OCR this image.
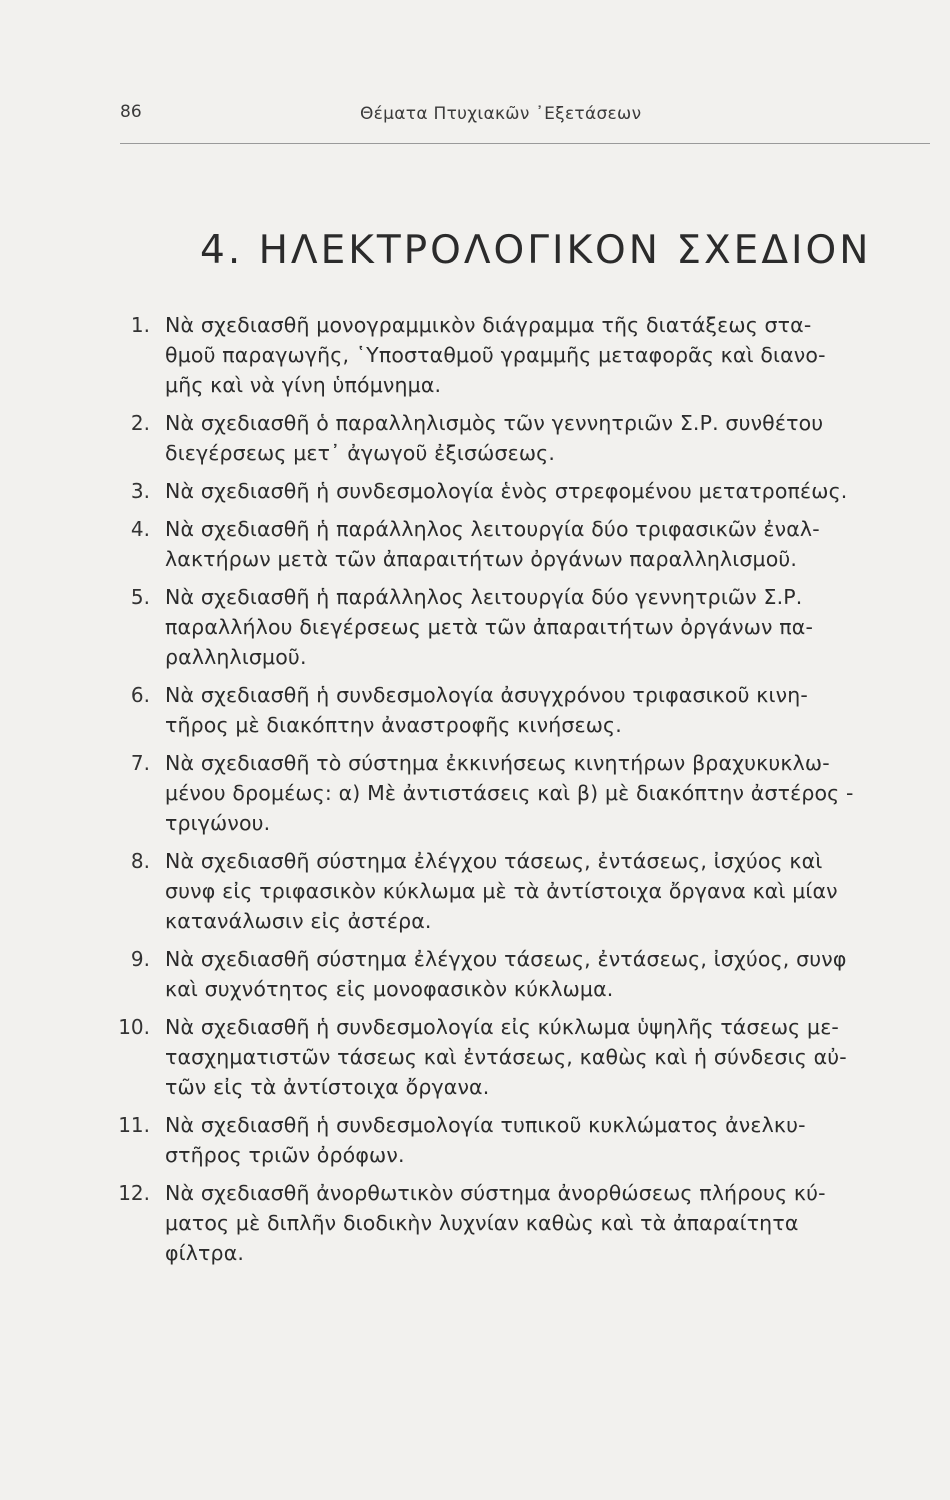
86	Θέματα Πτυχιακῶν ᾿Εξετάσεων
4. ΗΛΕΚΤΡΟΛΟΓΙΚΟΝ ΣΧΕΔΙΟΝ
1. Νὰ σχεδιασθῆ μονογραμμικὸν διάγραμμα τῆς διατάξεως στα-
θμοῦ παραγωγῆς, ῾Υποσταθμοῦ γραμμῆς μεταφορᾶς καὶ διανο-
μῆς καὶ νὰ γίνη ὑπόμνημα.
2. Νὰ σχεδιασθῆ ὁ παραλληλισμὸς τῶν γεννητριῶν Σ.Ρ. συνθέτου
διεγέρσεως μετ᾿ ἀγωγοῦ ἐξισώσεως.
3. Νὰ σχεδιασθῆ ἡ συνδεσμολογία ἑνὸς στρεφομένου μετατροπέως.
4. Νὰ σχεδιασθῆ ἡ παράλληλος λειτουργία δύο τριφασικῶν ἐναλ-
λακτήρων μετὰ τῶν ἀπαραιτήτων ὀργάνων παραλληλισμοῦ.
5. Νὰ σχεδιασθῆ ἡ παράλληλος λειτουργία δύο γεννητριῶν Σ.Ρ.
παραλλήλου διεγέρσεως μετὰ τῶν ἀπαραιτήτων ὀργάνων πα-
ραλληλισμοῦ.
6. Νὰ σχεδιασθῆ ἡ συνδεσμολογία ἀσυγχρόνου τριφασικοῦ κινη-
τῆρος μὲ διακόπτην ἀναστροφῆς κινήσεως.
7. Νὰ σχεδιασθῆ τὸ σύστημα ἐκκινήσεως κινητήρων βραχυκυκλω-
μένου δρομέως: α) Μὲ ἀντιστάσεις καὶ β) μὲ διακόπτην ἀστέρος -
τριγώνου.
8. Νὰ σχεδιασθῆ σύστημα ἐλέγχου τάσεως, ἐντάσεως, ἰσχύος καὶ
συνφ εἰς τριφασικὸν κύκλωμα μὲ τὰ ἀντίστοιχα ὄργανα καὶ μίαν
κατανάλωσιν εἰς ἀστέρα.
9. Νὰ σχεδιασθῆ σύστημα ἐλέγχου τάσεως, ἐντάσεως, ἰσχύος, συνφ
καὶ συχνότητος εἰς μονοφασικὸν κύκλωμα.
10. Νὰ σχεδιασθῆ ἡ συνδεσμολογία εἰς κύκλωμα ὑψηλῆς τάσεως με-
τασχηματιστῶν τάσεως καὶ ἐντάσεως, καθὼς καὶ ἡ σύνδεσις αὐ-
τῶν εἰς τὰ ἀντίστοιχα ὄργανα.
11. Νὰ σχεδιασθῆ ἡ συνδεσμολογία τυπικοῦ κυκλώματος ἀνελκυ-
στῆρος τριῶν ὀρόφων.
12. Νὰ σχεδιασθῆ ἀνορθωτικὸν σύστημα ἀνορθώσεως πλήρους κύ-
ματος μὲ διπλῆν διοδικὴν λυχνίαν καθὼς καὶ τὰ ἀπαραίτητα
φίλτρα.
